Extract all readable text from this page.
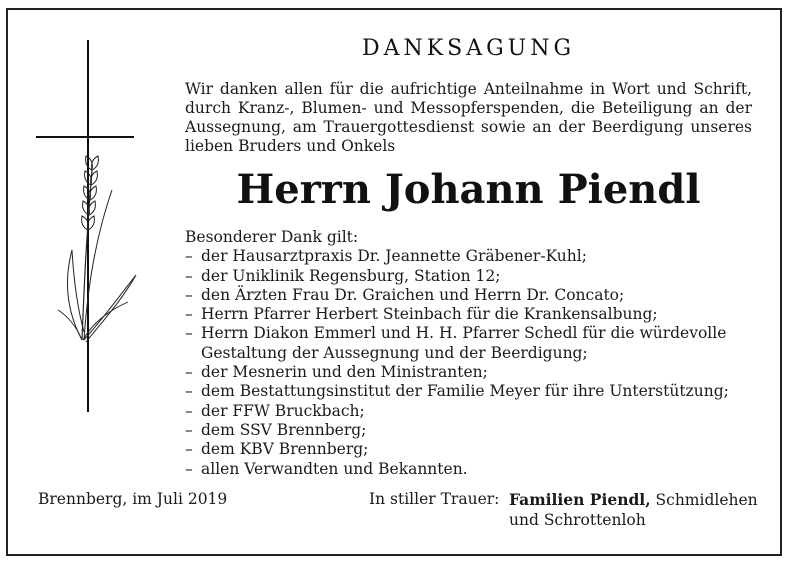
DANKSAGUNG
Wir danken allen für die aufrichtige Anteilnahme in Wort und Schrift, durch Kranz-, Blumen- und Messopferspenden, die Beteiligung an der Aussegnung, am Trauergottesdienst sowie an der Beerdigung unseres lieben Bruders und Onkels
Herrn Johann Piendl
Besonderer Dank gilt:
– der Hausarztpraxis Dr. Jeannette Gräbener-Kuhl;
– der Uniklinik Regensburg, Station 12;
– den Ärzten Frau Dr. Graichen und Herrn Dr. Concato;
– Herrn Pfarrer Herbert Steinbach für die Krankensalbung;
– Herrn Diakon Emmerl und H. H. Pfarrer Schedl für die würdevolle Gestaltung der Aussegnung und der Beerdigung;
– der Mesnerin und den Ministranten;
– dem Bestattungsinstitut der Familie Meyer für ihre Unterstützung;
– der FFW Bruckbach;
– dem SSV Brennberg;
– dem KBV Brennberg;
– allen Verwandten und Bekannten.
Brennberg, im Juli 2019	In stiller Trauer: Familien Piendl, Schmidlehen und Schrottenloh
